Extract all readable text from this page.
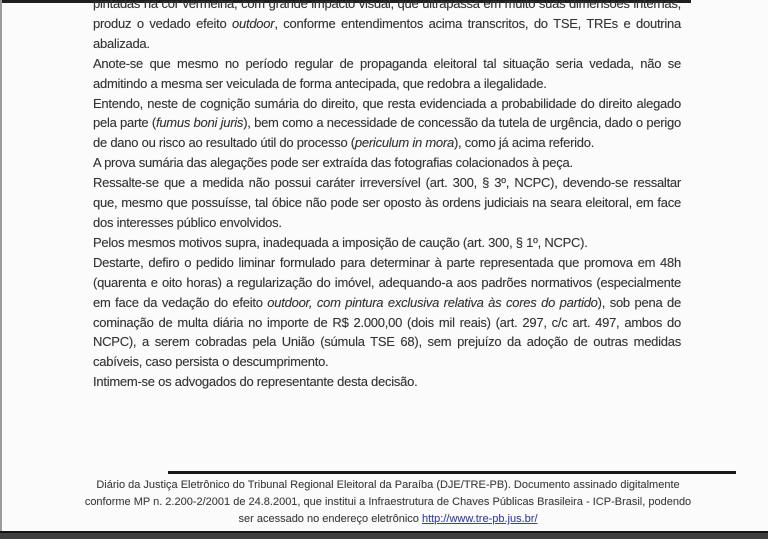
pintadas na cor vermelha, com grande impacto visual, que ultrapassa em muito suas dimensões internas, produz o vedado efeito outdoor, conforme entendimentos acima transcritos, do TSE, TREs e doutrina abalizada.

Anote-se que mesmo no período regular de propaganda eleitoral tal situação seria vedada, não se admitindo a mesma ser veiculada de forma antecipada, que redobra a ilegalidade.

Entendo, neste de cognição sumária do direito, que resta evidenciada a probabilidade do direito alegado pela parte (fumus boni juris), bem como a necessidade de concessão da tutela de urgência, dado o perigo de dano ou risco ao resultado útil do processo (periculum in mora), como já acima referido.

A prova sumária das alegações pode ser extraída das fotografias colacionados à peça.

Ressalte-se que a medida não possui caráter irreversível (art. 300, § 3º, NCPC), devendo-se ressaltar que, mesmo que possuísse, tal óbice não pode ser oposto às ordens judiciais na seara eleitoral, em face dos interesses público envolvidos.

Pelos mesmos motivos supra, inadequada a imposição de caução (art. 300, § 1º, NCPC).

Destarte, defiro o pedido liminar formulado para determinar à parte representada que promova em 48h (quarenta e oito horas) a regularização do imóvel, adequando-a aos padrões normativos (especialmente em face da vedação do efeito outdoor, com pintura exclusiva relativa às cores do partido), sob pena de cominação de multa diária no importe de R$ 2.000,00 (dois mil reais) (art. 297, c/c art. 497, ambos do NCPC), a serem cobradas pela União (súmula TSE 68), sem prejuízo da adoção de outras medidas cabíveis, caso persista o descumprimento.

Intimem-se os advogados do representante desta decisão.

Diário da Justiça Eletrônico do Tribunal Regional Eleitoral da Paraíba (DJE/TRE-PB). Documento assinado digitalmente
conforme MP n. 2.200-2/2001 de 24.8.2001, que institui a Infraestrutura de Chaves Públicas Brasileira - ICP-Brasil, podendo
ser acessado no endereço eletrônico http://www.tre-pb.jus.br/
